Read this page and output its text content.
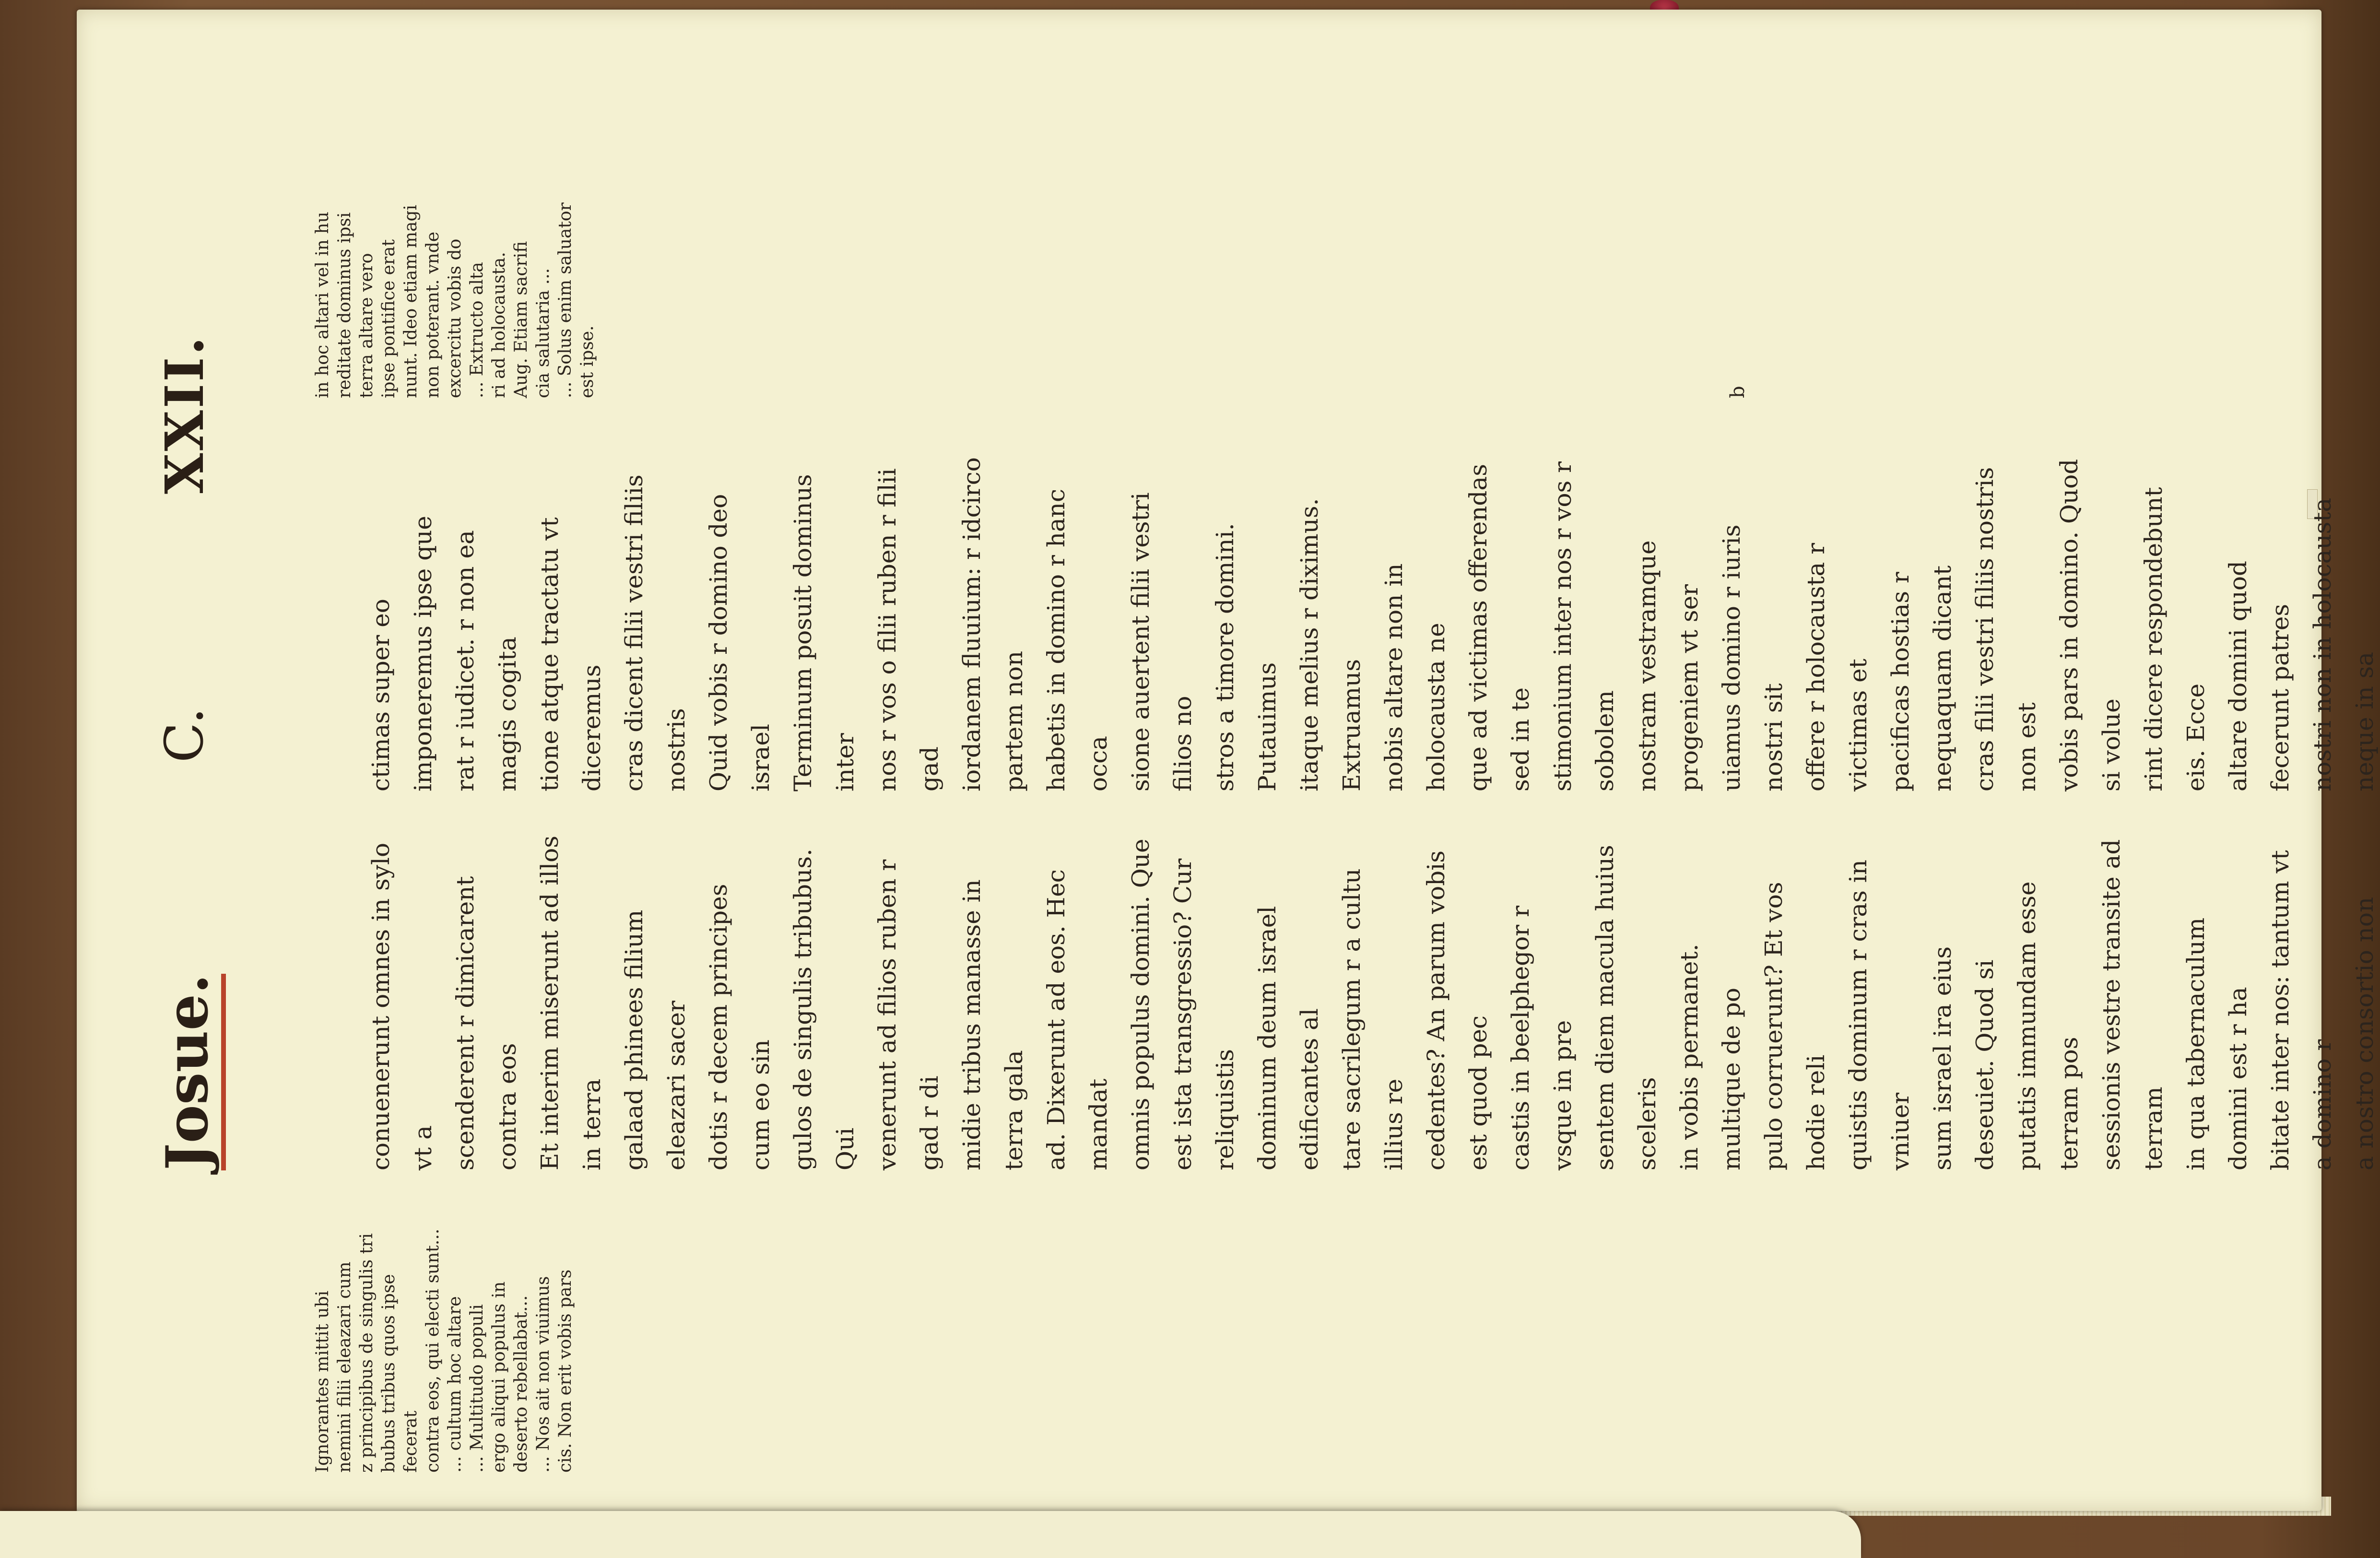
Josue.
C.
XXII.

Ignorantes mittit ubi
nemini filii eleazari cum
z principibus de singulis tri
bubus tribus quos ipse fecerat
contra eos, qui electi sunt...
... cultum hoc altare
... Multitudo populi
ergo aliqui populus in
deserto rebellabat...
... Nos ait non viuimus
cis. Non erit vobis pars

conuenerunt omnes in sylo vt a
scenderent r dimicarent contra eos
Et interim miserunt ad illos in terra
galaad phinees filium eleazari sacer
dotis r decem principes cum eo sin
gulos de singulis tribubus. Qui
venerunt ad filios ruben r gad r di
midie tribus manasse in terra gala
ad. Dixerunt ad eos. Hec mandat
omnis populus domini. Que
est ista transgressio? Cur reliquistis
dominum deum israel edificantes al
tare sacrilegum r a cultu illius re
cedentes? An parum vobis est quod pec
castis in beelphegor r vsque in pre
sentem diem macula huius sceleris
in vobis permanet. multique de po
pulo corruerunt? Et vos hodie reli
quistis dominum r cras in vniuer
sum israel ira eius deseuiet. Quod si
putatis immundam esse terram pos
sessionis vestre transite ad terram
in qua tabernaculum domini est r ha
bitate inter nos: tantum vt a domino r
a nostro consortio non

ctimas super eo imponeremus ipse que
rat r iudicet. r non ea magis cogita
tione atque tractatu vt diceremus
cras dicent filii vestri filiis nostris
Quid vobis r domino deo israel
Terminum posuit dominus inter
nos r vos o filii ruben r filii gad
iordanem fluuium: r idcirco partem non
habetis in domino r hanc occa
sione auertent filii vestri filios no
stros a timore domini. Putauimus
itaque melius r diximus. Extruamus
nobis altare non in holocausta ne
que ad victimas offerendas sed in te
stimonium inter nos r vos r sobolem
nostram vestramque progeniem vt ser
uiamus domino r iuris nostri sit
offere r holocausta r victimas et
pacificas hostias r nequaquam dicant
cras filii vestri filiis nostris non est
vobis pars in domino. Quod si volue
rint dicere respondebunt eis. Ecce
altare domini quod fecerunt patres
nostri non in holocausta neque in sa

in hoc altari vel in hu
reditate dominus ipsi
terra altare vero
ipse pontifice erat
nunt. Ideo etiam magi
non poterant. vnde
excercitu vobis do
... Extructo alta
ri ad holocausta.
Aug. Etiam sacrifi
cia salutaria ...
... Solus enim saluator
est ipse.

b
